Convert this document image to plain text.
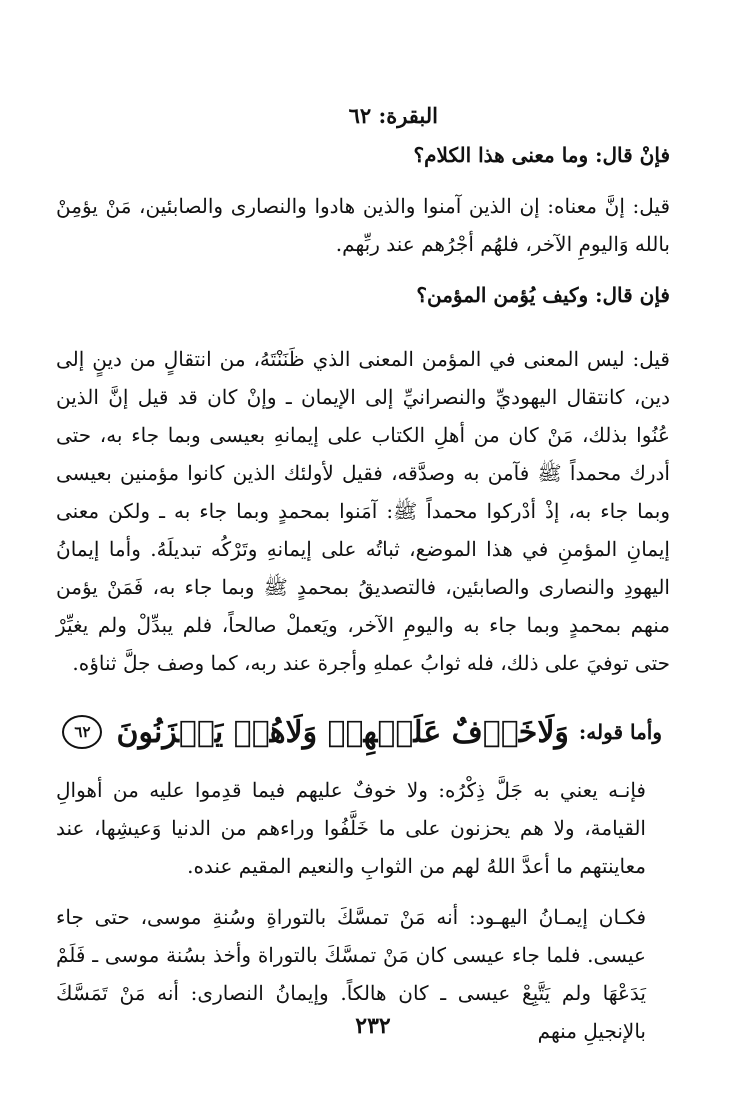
البقرة: ٦٢

فإنْ قال: وما معنى هذا الكلام؟

قيل: إنَّ معناه: إن الذين آمنوا والذين هادوا والنصارى والصابئين، مَنْ يؤمِنْ بالله وَاليومِ الآخر، فلهُم أجْرُهم عند ربِّهم.

فإن قال: وكيف يُؤمن المؤمن؟

قيل: ليس المعنى في المؤمن المعنى الذي ظَنَنْتَهُ، من انتقالٍ من دينٍ إلى دين، كانتقال اليهوديِّ والنصرانيِّ إلى الإيمان ـ وإنْ كان قد قيل إنَّ الذين عُنُوا بذلك، مَنْ كان من أهلِ الكتاب على إيمانهِ بعيسى وبما جاء به، حتى أدرك محمداً ﷺ فآمن به وصدَّقه، فقيل لأولئك الذين كانوا مؤمنين بعيسى وبما جاء به، إذْ أدْركوا محمداً ﷺ: آمَنوا بمحمدٍ وبما جاء به ـ ولكن معنى إيمانِ المؤمنِ في هذا الموضع، ثباتُه على إيمانهِ وتَرْكُه تبديلَهُ. وأما إيمانُ اليهودِ والنصارى والصابئين، فالتصديقُ بمحمدٍ ﷺ وبما جاء به، فَمَنْ يؤمن منهم بمحمدٍ وبما جاء به واليومِ الآخر، ويَعملْ صالحاً، فلم يبدِّلْ ولم يغيِّرْ حتى توفيَ على ذلك، فله ثوابُ عملهِ وأجرة عند ربه، كما وصف جلَّ ثناؤه.

وأما قوله:
وَلَاخَوۡفٌ عَلَيۡهِمۡ وَلَاهُمۡ يَحۡزَنُونَ
٦٢

فإنـه يعني به جَلَّ ذِكْرُه: ولا خوفٌ عليهم فيما قدِموا عليه من أهوالِ القيامة، ولا هم يحزنون على ما خَلَّفُوا وراءهم من الدنيا وَعيشِها، عند معاينتهم ما أعدَّ اللهُ لهم من الثوابِ والنعيم المقيم عنده.

فكـان إيمـانُ اليهـود: أنه مَنْ تمسَّكَ بالتوراةِ وسُنةِ موسى، حتى جاء عيسى. فلما جاء عيسى كان مَنْ تمسَّكَ بالتوراة وأخذ بسُنة موسى ـ فَلَمْ يَدَعْهَا ولم يَتَّبِعْ عيسى ـ كان هالكاً. وإيمانُ النصارى: أنه مَنْ تَمَسَّكَ بالإنجيلِ منهم

٢٣٢
